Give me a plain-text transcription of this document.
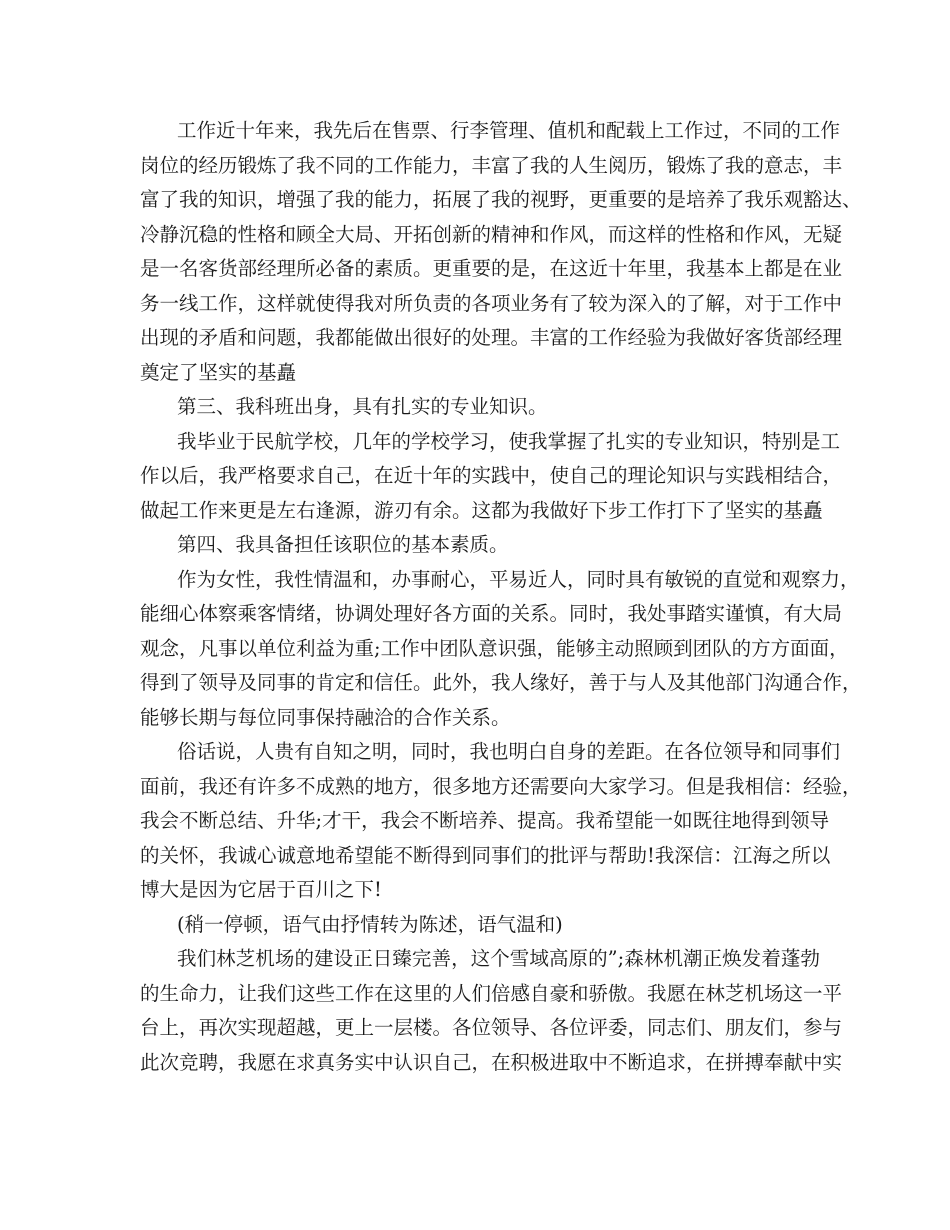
工作近十年来，我先后在售票、行李管理、值机和配载上工作过，不同的工作
岗位的经历锻炼了我不同的工作能力，丰富了我的人生阅历，锻炼了我的意志，丰
富了我的知识，增强了我的能力，拓展了我的视野，更重要的是培养了我乐观豁达、
冷静沉稳的性格和顾全大局、开拓创新的精神和作风，而这样的性格和作风，无疑
是一名客货部经理所必备的素质。更重要的是，在这近十年里，我基本上都是在业
务一线工作，这样就使得我对所负责的各项业务有了较为深入的了解，对于工作中
出现的矛盾和问题，我都能做出很好的处理。丰富的工作经验为我做好客货部经理
奠定了坚实的基矗
第三、我科班出身，具有扎实的专业知识。
我毕业于民航学校，几年的学校学习，使我掌握了扎实的专业知识，特别是工
作以后，我严格要求自己，在近十年的实践中，使自己的理论知识与实践相结合，
做起工作来更是左右逢源，游刃有余。这都为我做好下步工作打下了坚实的基矗
第四、我具备担任该职位的基本素质。
作为女性，我性情温和，办事耐心，平易近人，同时具有敏锐的直觉和观察力，
能细心体察乘客情绪，协调处理好各方面的关系。同时，我处事踏实谨慎，有大局
观念，凡事以单位利益为重;工作中团队意识强，能够主动照顾到团队的方方面面，
得到了领导及同事的肯定和信任。此外，我人缘好，善于与人及其他部门沟通合作，
能够长期与每位同事保持融洽的合作关系。
俗话说，人贵有自知之明，同时，我也明白自身的差距。在各位领导和同事们
面前，我还有许多不成熟的地方，很多地方还需要向大家学习。但是我相信：经验，
我会不断总结、升华;才干，我会不断培养、提高。我希望能一如既往地得到领导
的关怀，我诚心诚意地希望能不断得到同事们的批评与帮助!我深信：江海之所以
博大是因为它居于百川之下!
(稍一停顿，语气由抒情转为陈述，语气温和)
我们林芝机场的建设正日臻完善，这个雪域高原的”;森林机潮正焕发着蓬勃
的生命力，让我们这些工作在这里的人们倍感自豪和骄傲。我愿在林芝机场这一平
台上，再次实现超越，更上一层楼。各位领导、各位评委，同志们、朋友们，参与
此次竞聘，我愿在求真务实中认识自己，在积极进取中不断追求，在拼搏奉献中实
